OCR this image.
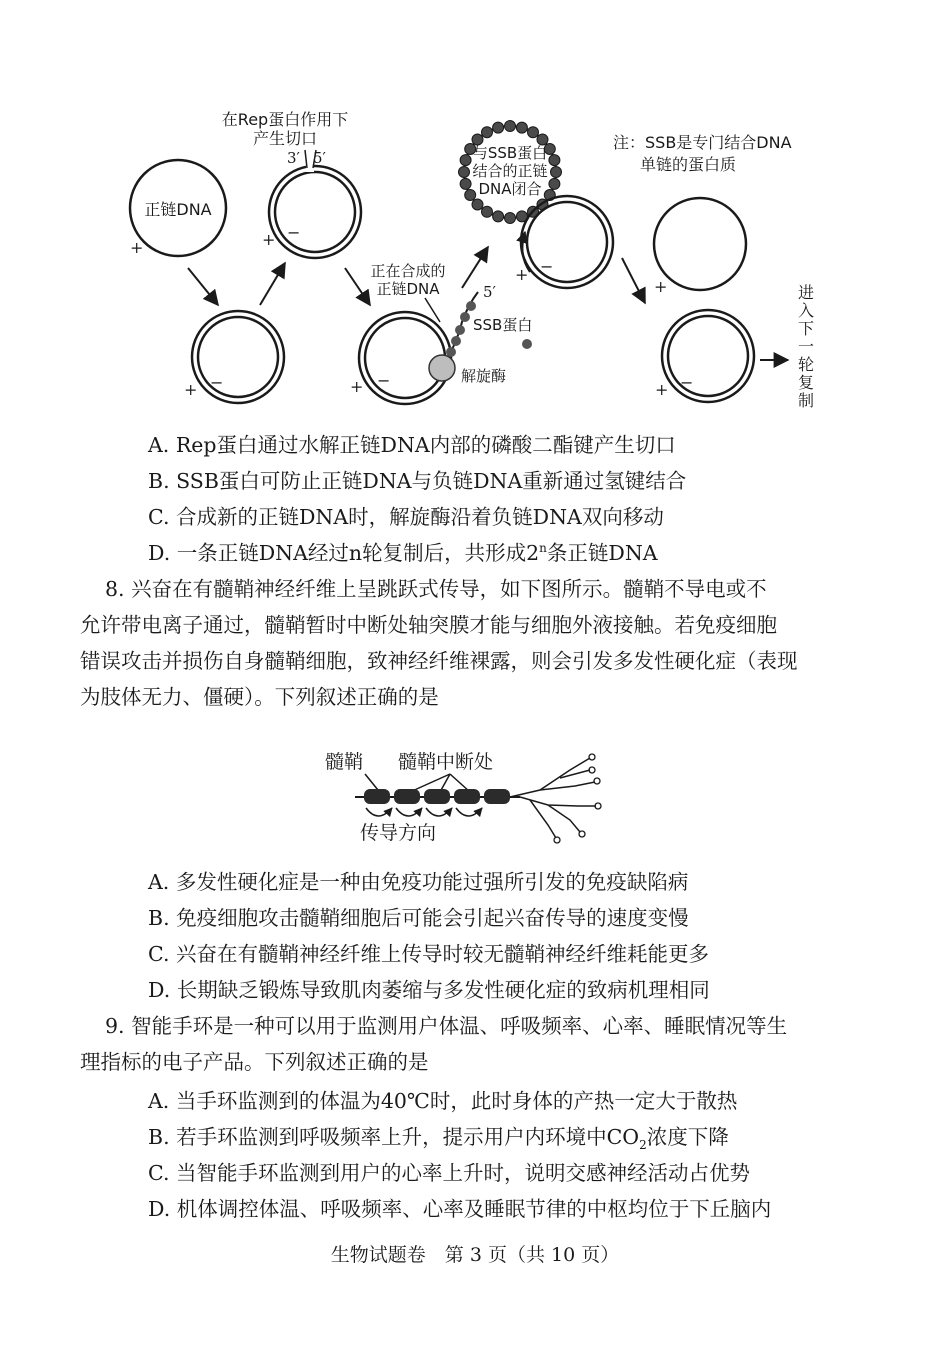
正链DNA
+
+ −
在Rep蛋白作用下
产生切口
3′ 5′
+ −
正在合成的
正链DNA	5′
SSB蛋白
解旋酶
+ −
与SSB蛋白
结合的正链
DNA闭合
+ −
注：SSB是专门结合DNA
单链的蛋白质
+
+ −
进
入
下
一
轮
复
制
髓鞘 髓鞘中断处
传导方向
A. Rep蛋白通过水解正链DNA内部的磷酸二酯键产生切口
B. SSB蛋白可防止正链DNA与负链DNA重新通过氢键结合
C. 合成新的正链DNA时，解旋酶沿着负链DNA双向移动
D. 一条正链DNA经过n轮复制后，共形成2$^n$条正链DNA
8. 兴奋在有髓鞘神经纤维上呈跳跃式传导，如下图所示。髓鞘不导电或不
允许带电离子通过，髓鞘暂时中断处轴突膜才能与细胞外液接触。若免疫细胞
错误攻击并损伤自身髓鞘细胞，致神经纤维裸露，则会引发多发性硬化症（表现
为肢体无力、僵硬）。下列叙述正确的是
A. 多发性硬化症是一种由免疫功能过强所引发的免疫缺陷病
B. 免疫细胞攻击髓鞘细胞后可能会引起兴奋传导的速度变慢
C. 兴奋在有髓鞘神经纤维上传导时较无髓鞘神经纤维耗能更多
D. 长期缺乏锻炼导致肌肉萎缩与多发性硬化症的致病机理相同
9. 智能手环是一种可以用于监测用户体温、呼吸频率、心率、睡眠情况等生
理指标的电子产品。下列叙述正确的是
A. 当手环监测到的体温为40℃时，此时身体的产热一定大于散热
B. 若手环监测到呼吸频率上升，提示用户内环境中$CO_2$浓度下降
C. 当智能手环监测到用户的心率上升时，说明交感神经活动占优势
D. 机体调控体温、呼吸频率、心率及睡眠节律的中枢均位于下丘脑内
生物试题卷　第 3 页（共 10 页）
